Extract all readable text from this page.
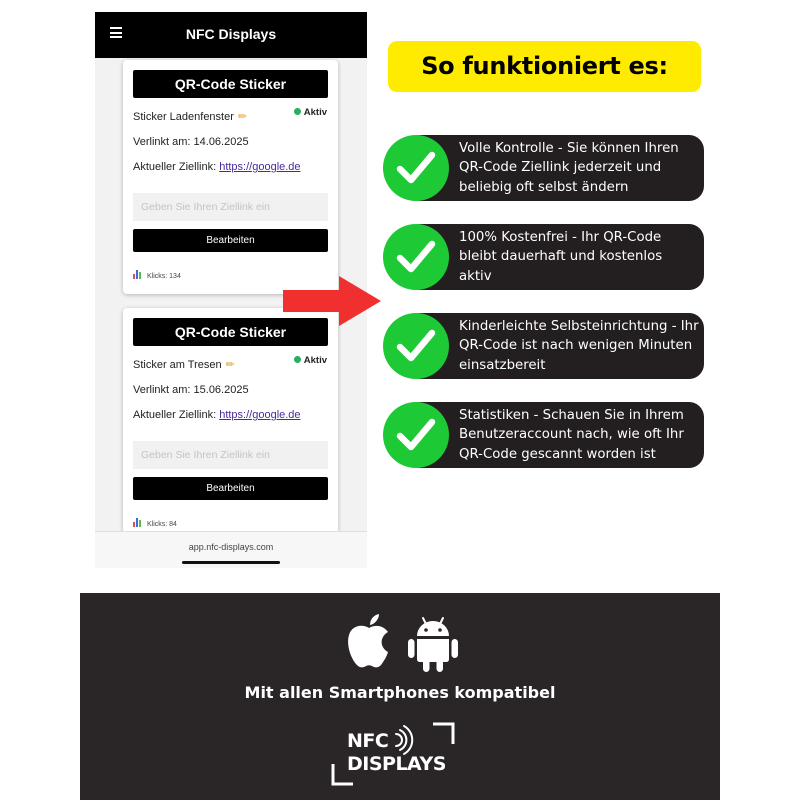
NFC Displays
QR-Code Sticker
Aktiv
Sticker Ladenfenster ✏
Verlinkt am: 14.06.2025
Aktueller Ziellink: https://google.de
Geben Sie Ihren Ziellink ein
Bearbeiten
Klicks: 134
QR-Code Sticker
Aktiv
Sticker am Tresen ✏
Verlinkt am: 15.06.2025
Aktueller Ziellink: https://google.de
Geben Sie Ihren Ziellink ein
Bearbeiten
Klicks: 84
app.nfc-displays.com
So funktioniert es:
Volle Kontrolle - Sie können Ihren QR-Code Ziellink jederzeit und beliebig oft selbst ändern
100% Kostenfrei - Ihr QR-Code bleibt dauerhaft und kostenlos aktiv
Kinderleichte Selbsteinrichtung - Ihr QR-Code ist nach wenigen Minuten einsatzbereit
Statistiken - Schauen Sie in Ihrem Benutzeraccount nach, wie oft Ihr QR-Code gescannt worden ist
Mit allen Smartphones kompatibel
NFC
DISPLAYS
